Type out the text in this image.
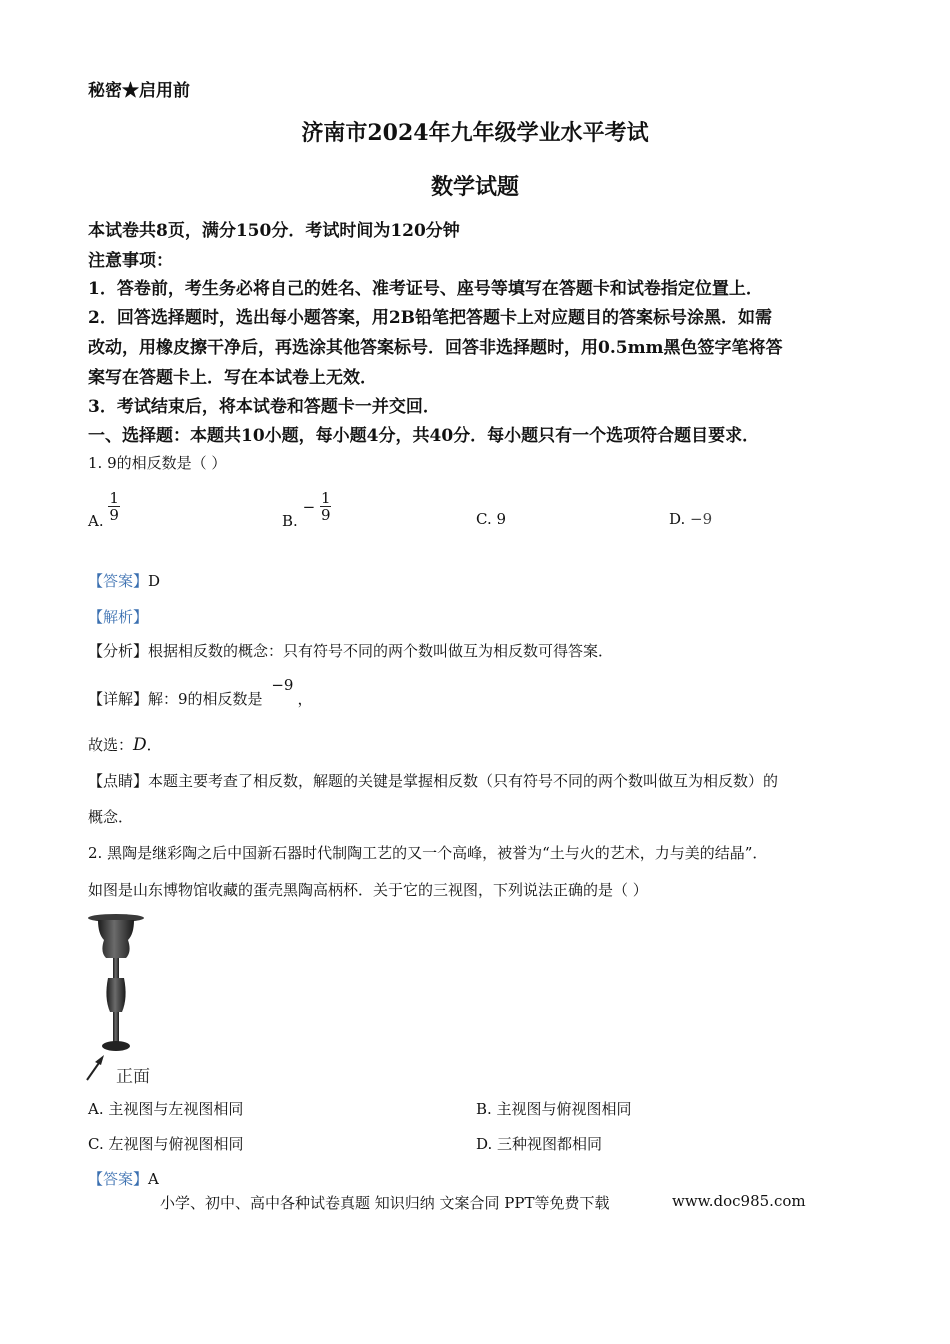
秘密★启用前
济南市2024年九年级学业水平考试
数学试题
本试卷共8页，满分150分．考试时间为120分钟
注意事项：
1．答卷前，考生务必将自己的姓名、准考证号、座号等填写在答题卡和试卷指定位置上．
2．回答选择题时，选出每小题答案，用2B铅笔把答题卡上对应题目的答案标号涂黑．如需
改动，用橡皮擦干净后，再选涂其他答案标号．回答非选择题时，用0.5mm黑色签字笔将答
案写在答题卡上．写在本试卷上无效．
3．考试结束后，将本试卷和答题卡一并交回．
一、选择题：本题共10小题，每小题4分，共40分．每小题只有一个选项符合题目要求．
1. 9的相反数是（ ）
A. $\frac{1}{9}$	B. − $\frac{1}{9}$	C. 9	D. −9
【答案】D
【解析】
【分析】根据相反数的概念：只有符号不同的两个数叫做互为相反数可得答案．
【详解】解：9的相反数是 −9，
故选：D．
【点睛】本题主要考查了相反数，解题的关键是掌握相反数（只有符号不同的两个数叫做互为相反数）的
概念．
2. 黑陶是继彩陶之后中国新石器时代制陶工艺的又一个高峰，被誉为“土与火的艺术，力与美的结晶”．
如图是山东博物馆收藏的蛋壳黑陶高柄杯．关于它的三视图，下列说法正确的是（ ）
正面
A. 主视图与左视图相同	B. 主视图与俯视图相同
C. 左视图与俯视图相同	D. 三种视图都相同
【答案】A
小学、初中、高中各种试卷真题 知识归纳 文案合同 PPT等免费下载	www.doc985.com
